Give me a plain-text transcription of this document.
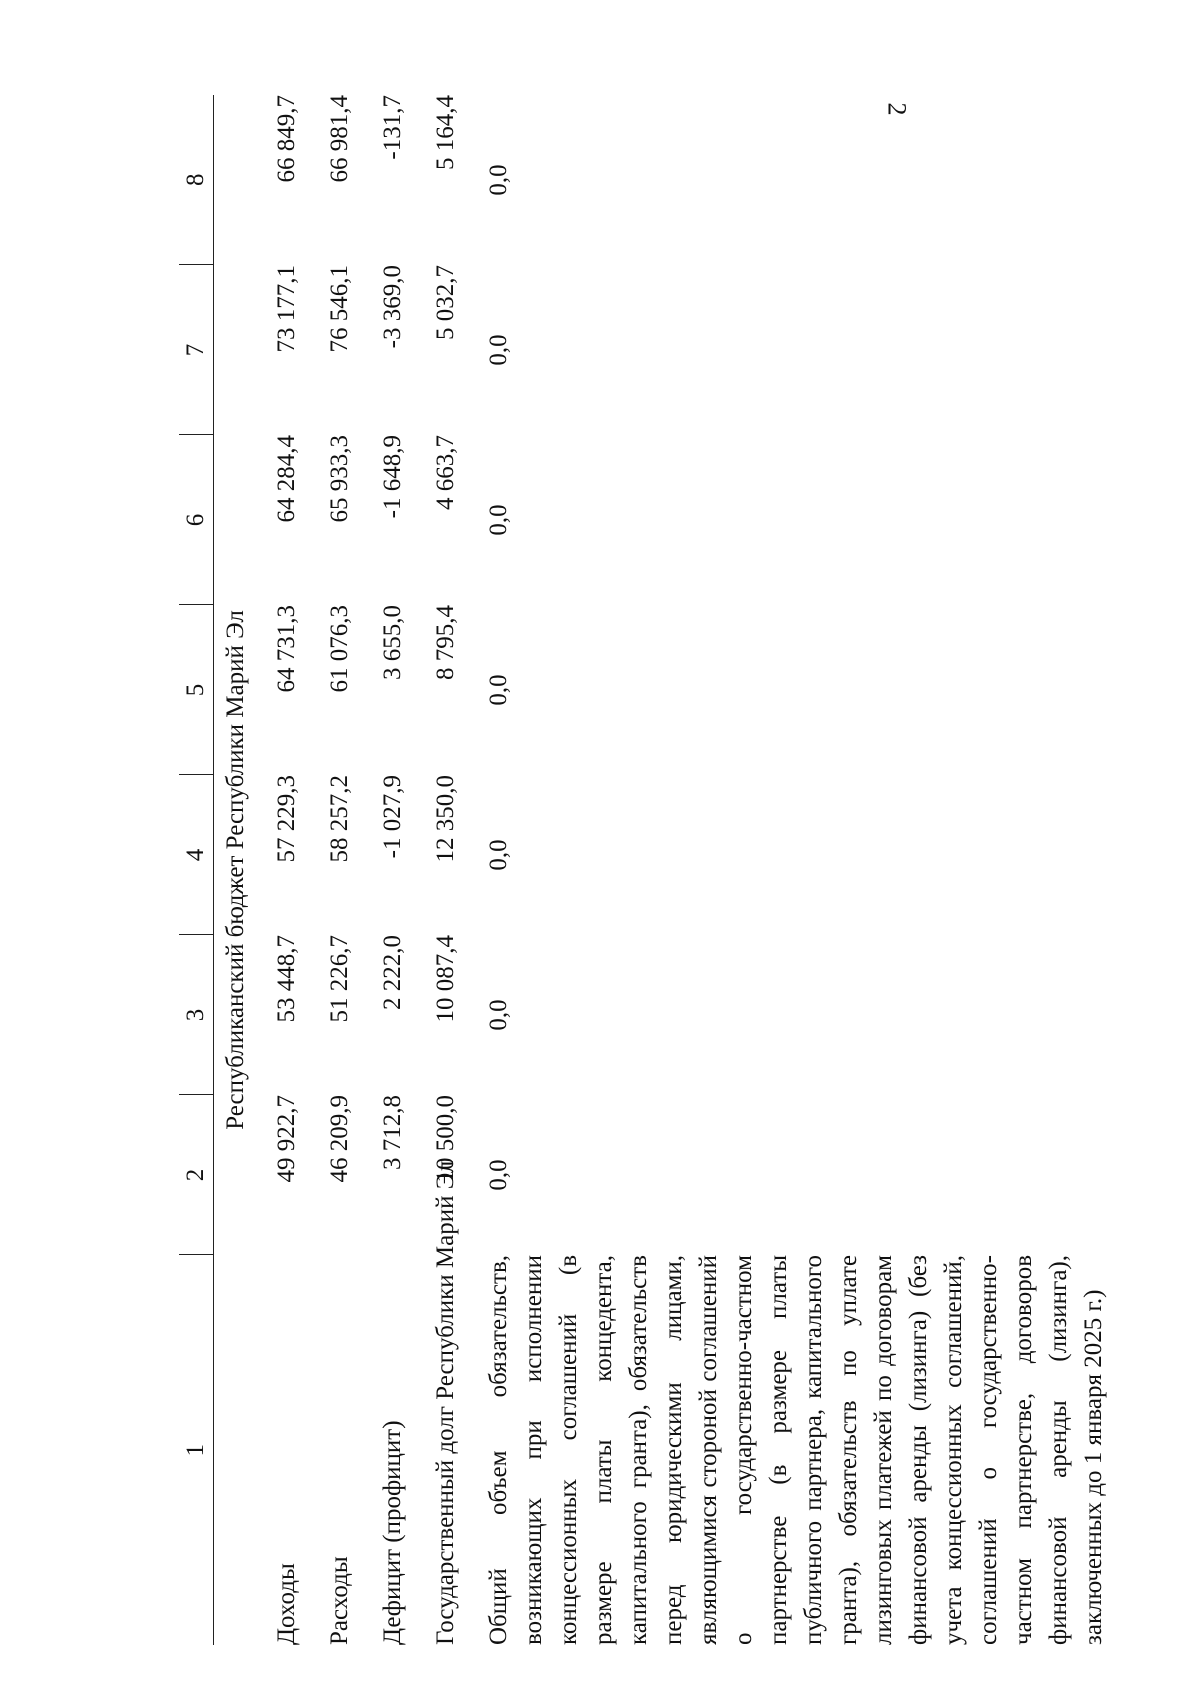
2
1	2	3	4	5	6	7	8
Республиканский бюджет Республики Марий Эл							
Доходы	49 922,7	53 448,7	57 229,3	64 731,3	64 284,4	73 177,1	66 849,7
Расходы	46 209,9	51 226,7	58 257,2	61 076,3	65 933,3	76 546,1	66 981,4
Дефицит (профицит)	3 712,8	2 222,0	-1 027,9	3 655,0	-1 648,9	-3 369,0	-131,7
Государственный долг Республики Марий Эл	10 500,0	10 087,4	12 350,0	8 795,4	4 663,7	5 032,7	5 164,4
Общий объем обязательств, возникающих при исполнении концессионных соглашений (в размере платы концедента, капитального гранта), обязательств перед юридическими лицами, являющимися стороной соглашений о государственно-частном партнерстве (в размере платы публичного партнера, капитального гранта), обязательств по уплате лизинговых платежей по договорам финансовой аренды (лизинга) (без учета концессионных соглашений, соглашений о государственно-частном партнерстве, договоров финансовой аренды (лизинга), заключенных до 1 января 2025 г.)	0,0	0,0	0,0	0,0	0,0	0,0	0,0
